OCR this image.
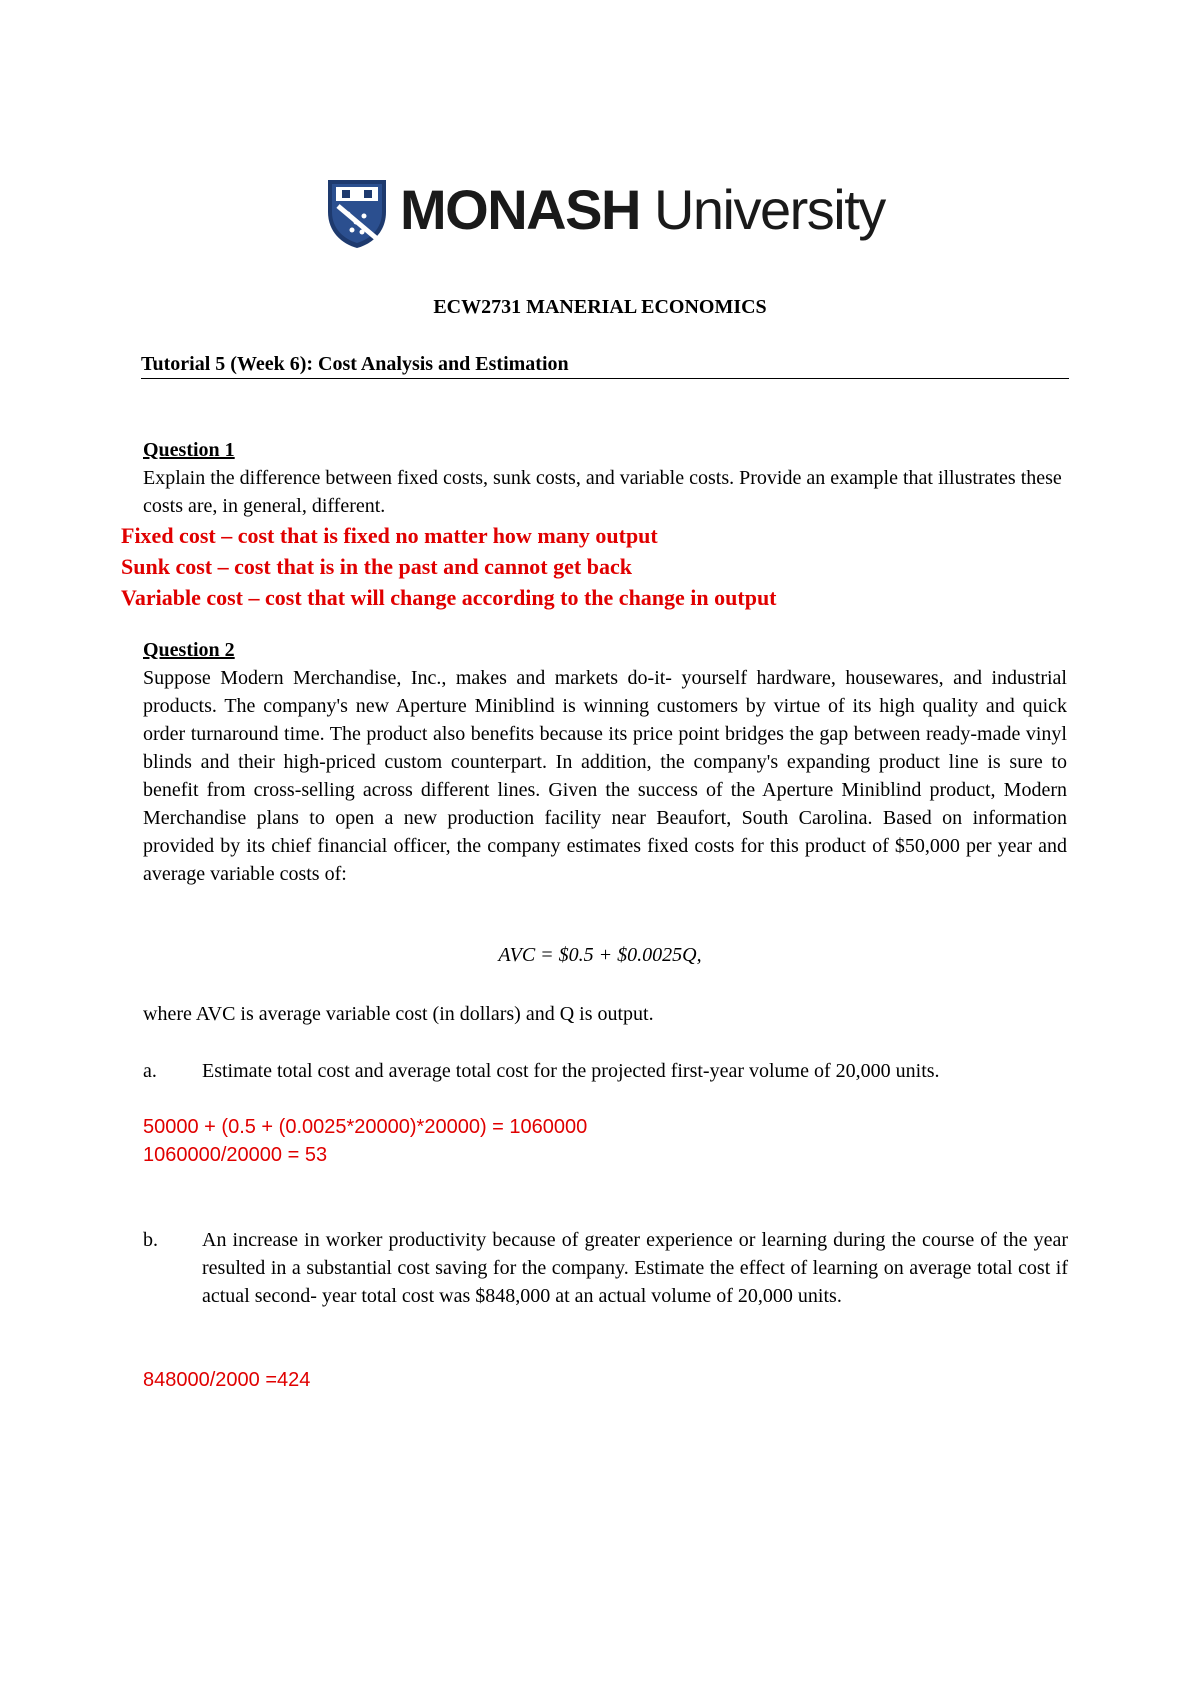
MONASH University
ECW2731 MANERIAL ECONOMICS
Tutorial 5 (Week 6): Cost Analysis and Estimation
Question 1
Explain the difference between fixed costs, sunk costs, and variable costs. Provide an example that illustrates these costs are, in general, different.
Fixed cost – cost that is fixed no matter how many output
Sunk cost – cost that is in the past and cannot get back
Variable cost – cost that will change according to the change in output
Question 2
Suppose Modern Merchandise, Inc., makes and markets do-it- yourself hardware, housewares, and industrial products. The company's new Aperture Miniblind is winning customers by virtue of its high quality and quick order turnaround time. The product also benefits because its price point bridges the gap between ready-made vinyl blinds and their high-priced custom counterpart. In addition, the company's expanding product line is sure to benefit from cross-selling across different lines. Given the success of the Aperture Miniblind product, Modern Merchandise plans to open a new production facility near Beaufort, South Carolina. Based on information provided by its chief financial officer, the company estimates fixed costs for this product of $50,000 per year and average variable costs of:
AVC = $0.5 + $0.0025Q,
where AVC is average variable cost (in dollars) and Q is output.
a. Estimate total cost and average total cost for the projected first-year volume of 20,000 units.
50000 + (0.5 + (0.0025*20000)*20000) = 1060000
1060000/20000 = 53
b. An increase in worker productivity because of greater experience or learning during the course of the year resulted in a substantial cost saving for the company. Estimate the effect of learning on average total cost if actual second- year total cost was $848,000 at an actual volume of 20,000 units.
848000/2000 =424
